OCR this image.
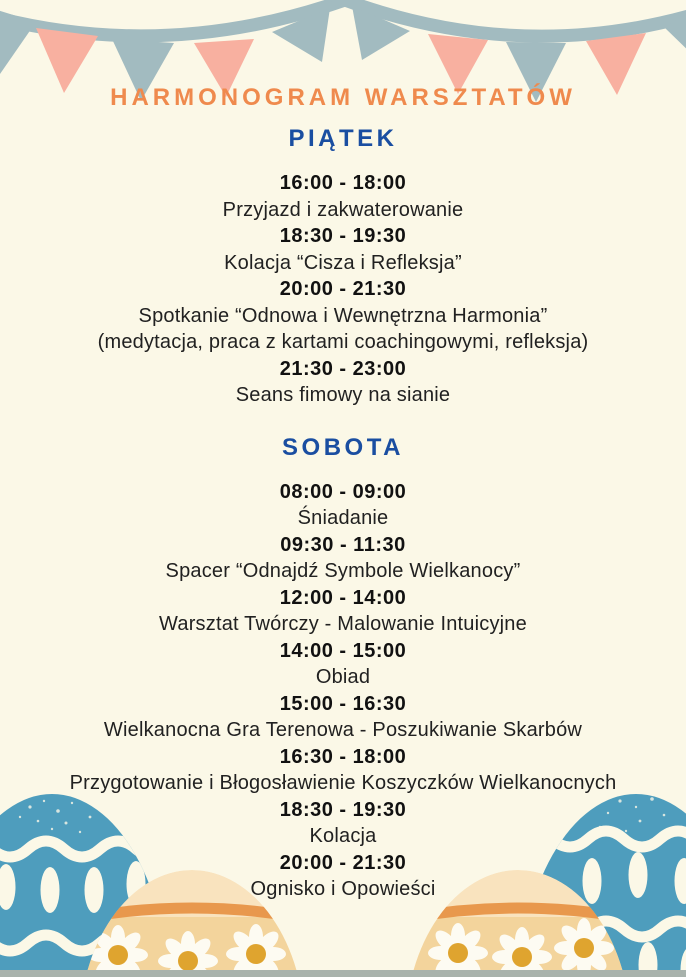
HARMONOGRAM WARSZTATÓW
PIĄTEK

16:00 - 18:00

Przyjazd i zakwaterowanie

18:30 - 19:30

Kolacja “Cisza i Refleksja”

20:00 - 21:30

Spotkanie “Odnowa i Wewnętrzna Harmonia”

(medytacja, praca z kartami coachingowymi, refleksja)

21:30 - 23:00

Seans fimowy na sianie

SOBOTA

08:00 - 09:00

Śniadanie

09:30 - 11:30

Spacer “Odnajdź Symbole Wielkanocy”

12:00 - 14:00

Warsztat Twórczy - Malowanie Intuicyjne

14:00 - 15:00

Obiad

15:00 - 16:30

Wielkanocna Gra Terenowa - Poszukiwanie Skarbów

16:30 - 18:00

Przygotowanie i Błogosławienie Koszyczków Wielkanocnych

18:30 - 19:30

Kolacja

20:00 - 21:30

Ognisko i Opowieści
